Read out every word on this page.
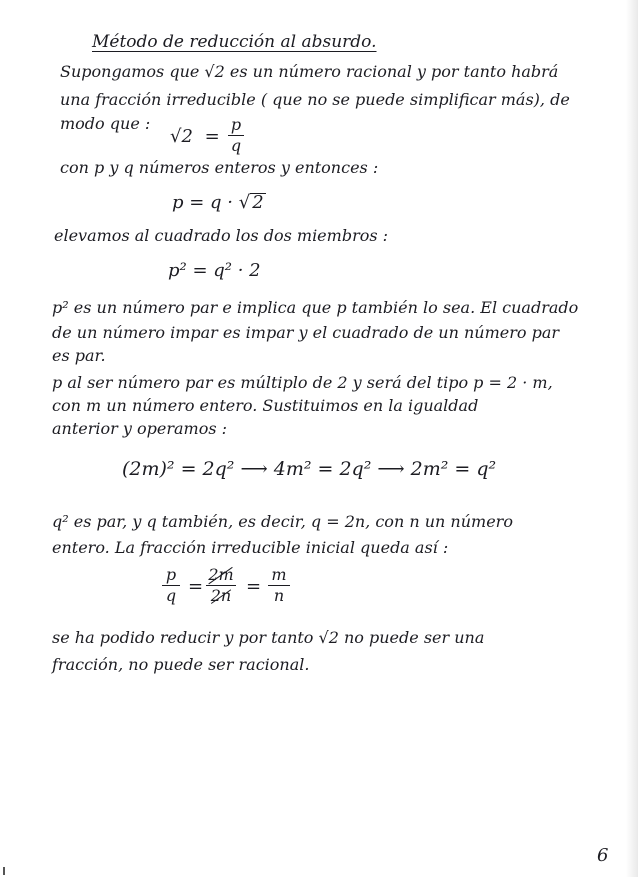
Método de reducción al absurdo.
Supongamos que √2 es un número racional y por tanto habrá
una fracción irreducible ( que no se puede simplificar más), de
modo que :
√2 =
p
q
con p y q números enteros y entonces :
p = q · √ 2
elevamos al cuadrado los dos miembros :
p² = q² · 2
p² es un número par e implica que p también lo sea. El cuadrado
de un número impar es impar y el cuadrado de un número par
es par.
p al ser número par es múltiplo de 2 y será del tipo p = 2 · m,
con m un número entero. Sustituimos en la igualdad
anterior y operamos :
(2m)² = 2q² ⟶ 4m² = 2q² ⟶ 2m² = q²
q² es par, y q también, es decir, q = 2n, con n un número
entero. La fracción irreducible inicial queda así :
p
q =
2m
2n =
m
n
se ha podido reducir y por tanto √2 no puede ser una
fracción, no puede ser racional.
6
